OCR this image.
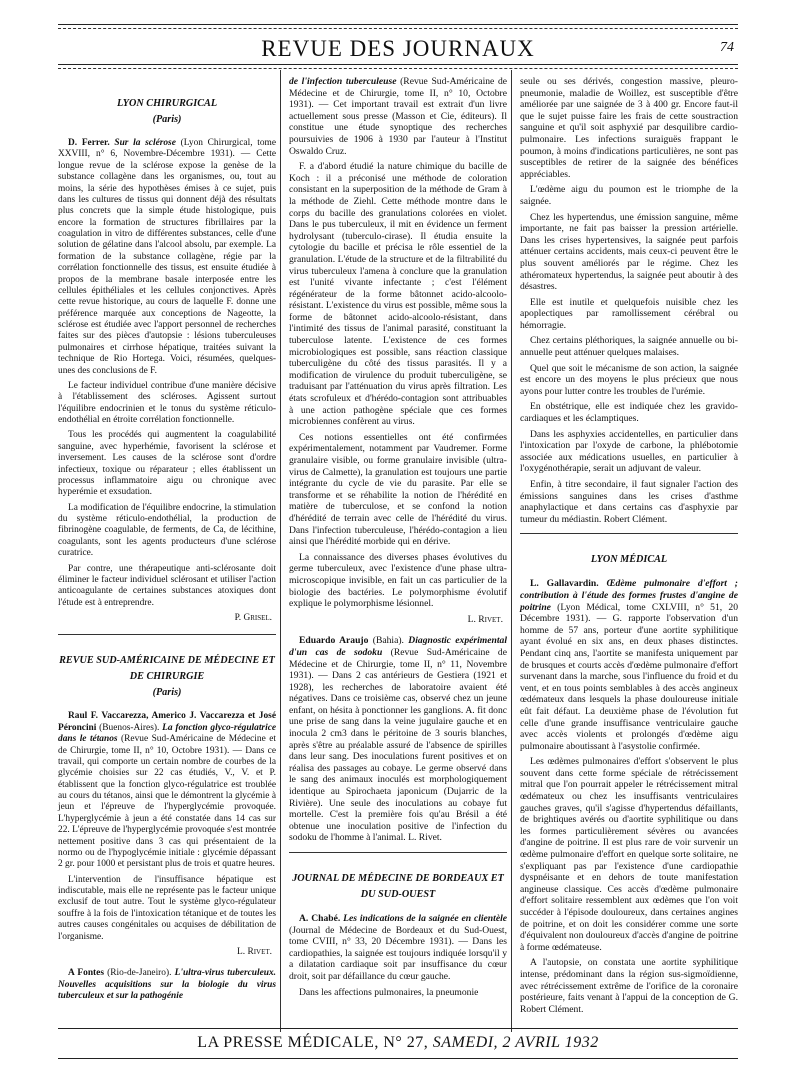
REVUE DES JOURNAUX	74
LYON CHIRURGICAL
(Paris)

D. Ferrer. Sur la sclérose (Lyon Chirurgical, tome XXVIII, n° 6, Novembre-Décembre 1931). — Cette longue revue de la sclérose expose la genèse de la substance collagène dans les organismes, ou, tout au moins, la série des hypothèses émises à ce sujet, puis dans les cultures de tissus qui donnent déjà des résultats plus concrets que la simple étude histologique, puis encore la formation de structures fibrillaires par la coagulation in vitro de différentes substances, celle d'une solution de gélatine dans l'alcool absolu, par exemple. La formation de la substance collagène, régie par la corrélation fonctionnelle des tissus, est ensuite étudiée à propos de la membrane basale interposée entre les cellules épithéliales et les cellules conjonctives. Après cette revue historique, au cours de laquelle F. donne une préférence marquée aux conceptions de Nageotte, la sclérose est étudiée avec l'apport personnel de recherches faites sur des pièces d'autopsie : lésions tuberculeuses pulmonaires et cirrhose hépatique, traitées suivant la technique de Rio Hortega. Voici, résumées, quelques-unes des conclusions de F.

Le facteur individuel contribue d'une manière décisive à l'établissement des scléroses. Agissent surtout l'équilibre endocrinien et le tonus du système réticulo-endothélial en étroite corrélation fonctionnelle.

Tous les procédés qui augmentent la coagulabilité sanguine, avec hyperhémie, favorisent la sclérose et inversement. Les causes de la sclérose sont d'ordre infectieux, toxique ou réparateur ; elles établissent un processus inflammatoire aigu ou chronique avec hyperémie et exsudation.

La modification de l'équilibre endocrine, la stimulation du système réticulo-endothélial, la production de fibrinogène coagulable, de ferments, de Ca, de lécithine, coagulants, sont les agents producteurs d'une sclérose curatrice.

Par contre, une thérapeutique anti-sclérosante doit éliminer le facteur individuel sclérosant et utiliser l'action anticoagulante de certaines substances atoxiques dont l'étude est à entreprendre.

P. Grisel.

REVUE SUD-AMÉRICAINE DE MÉDECINE ET DE CHIRURGIE
(Paris)

Raul F. Vaccarezza, Americo J. Vaccarezza et José Péroncini (Buenos-Aires). La fonction glyco-régulatrice dans le tétanos (Revue Sud-Américaine de Médecine et de Chirurgie, tome II, n° 10, Octobre 1931). — Dans ce travail, qui comporte un certain nombre de courbes de la glycémie choisies sur 22 cas étudiés, V., V. et P. établissent que la fonction glyco-régulatrice est troublée au cours du tétanos, ainsi que le démontrent la glycémie à jeun et l'épreuve de l'hyperglycémie provoquée. L'hyperglycémie à jeun a été constatée dans 14 cas sur 22. L'épreuve de l'hyperglycémie provoquée s'est montrée nettement positive dans 3 cas qui présentaient de la normo ou de l'hypoglycémie initiale : glycémie dépassant 2 gr. pour 1000 et persistant plus de trois et quatre heures.

L'intervention de l'insuffisance hépatique est indiscutable, mais elle ne représente pas le facteur unique exclusif de tout autre. Tout le système glyco-régulateur souffre à la fois de l'intoxication tétanique et de toutes les autres causes congénitales ou acquises de débilitation de l'organisme.

L. Rivet.

A Fontes (Rio-de-Janeiro). L'ultra-virus tuberculeux. Nouvelles acquisitions sur la biologie du virus tuberculeux et sur la pathogénie

de l'infection tuberculeuse (Revue Sud-Américaine de Médecine et de Chirurgie, tome II, n° 10, Octobre 1931). — Cet important travail est extrait d'un livre actuellement sous presse (Masson et Cie, éditeurs). Il constitue une étude synoptique des recherches poursuivies de 1906 à 1930 par l'auteur à l'Institut Oswaldo Cruz.

F. a d'abord étudié la nature chimique du bacille de Koch : il a préconisé une méthode de coloration consistant en la superposition de la méthode de Gram à la méthode de Ziehl. Cette méthode montre dans le corps du bacille des granulations colorées en violet. Dans le pus tuberculeux, il mit en évidence un ferment hydrolysant (tuberculo-cirase). Il étudia ensuite la cytologie du bacille et précisa le rôle essentiel de la granulation. L'étude de la structure et de la filtrabilité du virus tuberculeux l'amena à conclure que la granulation est l'unité vivante infectante ; c'est l'élément régénérateur de la forme bâtonnet acido-alcoolo-résistant. L'existence du virus est possible, même sous la forme de bâtonnet acido-alcoolo-résistant, dans l'intimité des tissus de l'animal parasité, constituant la tuberculose latente. L'existence de ces formes microbiologiques est possible, sans réaction classique tuberculigène du côté des tissus parasités. Il y a modification de virulence du produit tuberculigène, se traduisant par l'atténuation du virus après filtration. Les états scrofuleux et d'hérédo-contagion sont attribuables à une action pathogène spéciale que ces formes microbiennes confèrent au virus.

Ces notions essentielles ont été confirmées expérimentalement, notamment par Vaudremer. Forme granulaire visible, ou forme granulaire invisible (ultra-virus de Calmette), la granulation est toujours une partie intégrante du cycle de vie du parasite. Par elle se transforme et se réhabilite la notion de l'hérédité en matière de tuberculose, et se confond la notion d'hérédité de terrain avec celle de l'hérédité du virus. Dans l'infection tuberculeuse, l'hérédo-contagion a lieu ainsi que l'hérédité morbide qui en dérive.

La connaissance des diverses phases évolutives du germe tuberculeux, avec l'existence d'une phase ultra-microscopique invisible, en fait un cas particulier de la biologie des bactéries. Le polymorphisme évolutif explique le polymorphisme lésionnel.

L. Rivet.

Eduardo Araujo (Bahia). Diagnostic expérimental d'un cas de sodoku (Revue Sud-Américaine de Médecine et de Chirurgie, tome II, n° 11, Novembre 1931). — Dans 2 cas antérieurs de Gestiera (1921 et 1928), les recherches de laboratoire avaient été négatives. Dans ce troisième cas, observé chez un jeune enfant, on hésita à ponctionner les ganglions. A. fit donc une prise de sang dans la veine jugulaire gauche et en inocula 2 cm3 dans le péritoine de 3 souris blanches, après s'être au préalable assuré de l'absence de spirilles dans leur sang. Des inoculations furent positives et on réalisa des passages au cobaye. Le germe observé dans le sang des animaux inoculés est morphologiquement identique au Spirochaeta japonicum (Dujarric de la Rivière). Une seule des inoculations au cobaye fut mortelle. C'est la première fois qu'au Brésil a été obtenue une inoculation positive de l'infection du sodoku de l'homme à l'animal. L. Rivet.

JOURNAL DE MÉDECINE DE BORDEAUX ET DU SUD-OUEST

A. Chabé. Les indications de la saignée en clientèle (Journal de Médecine de Bordeaux et du Sud-Ouest, tome CVIII, n° 33, 20 Décembre 1931). — Dans les cardiopathies, la saignée est toujours indiquée lorsqu'il y a dilatation cardiaque soit par insuffisance du cœur droit, soit par défaillance du cœur gauche.

Dans les affections pulmonaires, la pneumonie

seule ou ses dérivés, congestion massive, pleuro-pneumonie, maladie de Woillez, est susceptible d'être améliorée par une saignée de 3 à 400 gr. Encore faut-il que le sujet puisse faire les frais de cette soustraction sanguine et qu'il soit asphyxié par desquilibre cardio-pulmonaire. Les infections suraiguës frappant le poumon, à moins d'indications particulières, ne sont pas susceptibles de retirer de la saignée des bénéfices appréciables.

L'œdème aigu du poumon est le triomphe de la saignée.

Chez les hypertendus, une émission sanguine, même importante, ne fait pas baisser la pression artérielle. Dans les crises hypertensives, la saignée peut parfois atténuer certains accidents, mais ceux-ci peuvent être le plus souvent améliorés par le régime. Chez les athéromateux hypertendus, la saignée peut aboutir à des désastres.

Elle est inutile et quelquefois nuisible chez les apoplectiques par ramollissement cérébral ou hémorragie.

Chez certains pléthoriques, la saignée annuelle ou bi-annuelle peut atténuer quelques malaises.

Quel que soit le mécanisme de son action, la saignée est encore un des moyens le plus précieux que nous ayons pour lutter contre les troubles de l'urémie.

En obstétrique, elle est indiquée chez les gravido-cardiaques et les éclamptiques.

Dans les asphyxies accidentelles, en particulier dans l'intoxication par l'oxyde de carbone, la phlébotomie associée aux médications usuelles, en particulier à l'oxygénothérapie, serait un adjuvant de valeur.

Enfin, à titre secondaire, il faut signaler l'action des émissions sanguines dans les crises d'asthme anaphylactique et dans certains cas d'asphyxie par tumeur du médiastin. Robert Clément.

LYON MÉDICAL

L. Gallavardin. Œdème pulmonaire d'effort ; contribution à l'étude des formes frustes d'angine de poitrine (Lyon Médical, tome CXLVIII, n° 51, 20 Décembre 1931). — G. rapporte l'observation d'un homme de 57 ans, porteur d'une aortite syphilitique ayant évolué en six ans, en deux phases distinctes. Pendant cinq ans, l'aortite se manifesta uniquement par de brusques et courts accès d'œdème pulmonaire d'effort survenant dans la marche, sous l'influence du froid et du vent, et en tous points semblables à des accès angineux œdémateux dans lesquels la phase douloureuse initiale eût fait défaut. La deuxième phase de l'évolution fut celle d'une grande insuffisance ventriculaire gauche avec accès violents et prolongés d'œdème aigu pulmonaire aboutissant à l'asystolie confirmée.

Les œdèmes pulmonaires d'effort s'observent le plus souvent dans cette forme spéciale de rétrécissement mitral que l'on pourrait appeler le rétrécissement mitral œdémateux ou chez les insuffisants ventriculaires gauches graves, qu'il s'agisse d'hypertendus défaillants, de brightiques avérés ou d'aortite syphilitique ou dans les formes particulièrement sévères ou avancées d'angine de poitrine. Il est plus rare de voir survenir un œdème pulmonaire d'effort en quelque sorte solitaire, ne s'expliquant pas par l'existence d'une cardiopathie dyspnéisante et en dehors de toute manifestation angineuse classique. Ces accès d'œdème pulmonaire d'effort solitaire ressemblent aux œdèmes que l'on voit succéder à l'épisode douloureux, dans certaines angines de poitrine, et on doit les considérer comme une sorte d'équivalent non douloureux d'accès d'angine de poitrine à forme œdémateuse.

A l'autopsie, on constata une aortite syphilitique intense, prédominant dans la région sus-sigmoïdienne, avec rétrécissement extrême de l'orifice de la coronaire postérieure, faits venant à l'appui de la conception de G. Robert Clément.

LA PRESSE MÉDICALE, N° 27, SAMEDI, 2 AVRIL 1932
